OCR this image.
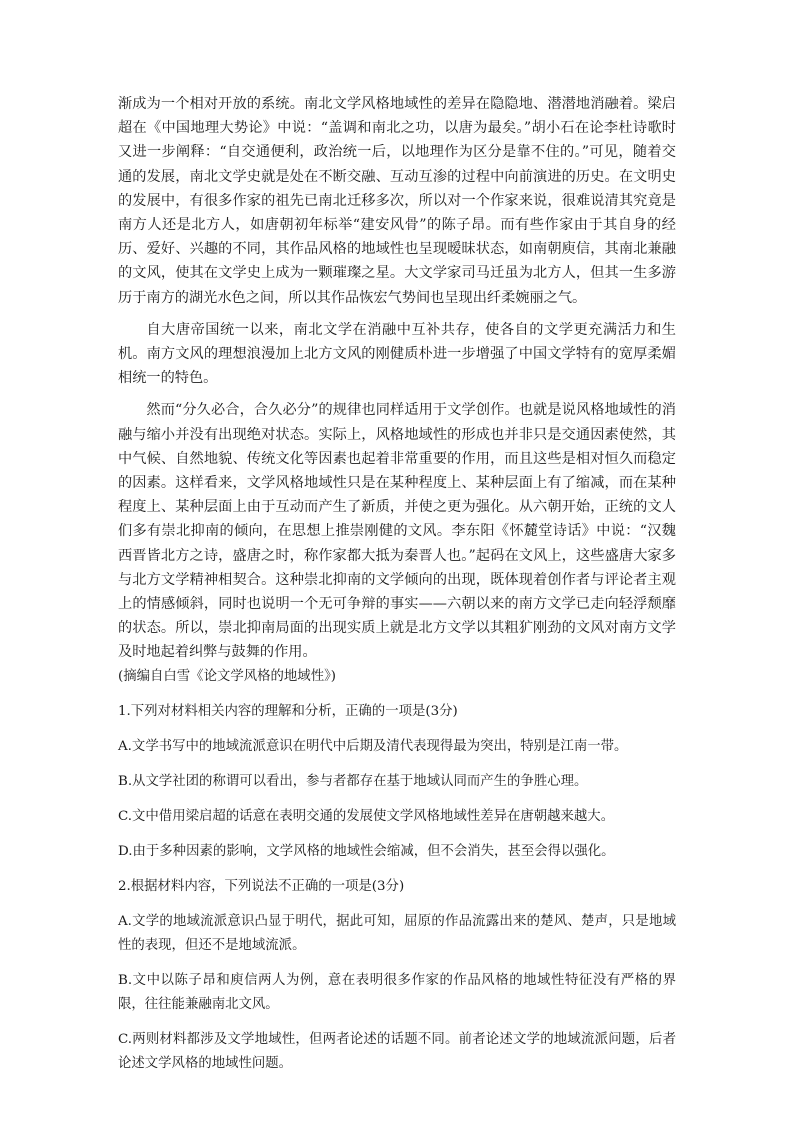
渐成为一个相对开放的系统。南北文学风格地域性的差异在隐隐地、潜潜地消融着。梁启超在《中国地理大势论》中说：“盖调和南北之功，以唐为最矣。”胡小石在论李杜诗歌时又进一步阐释：“自交通便利，政治统一后，以地理作为区分是靠不住的。”可见，随着交通的发展，南北文学史就是处在不断交融、互动互渗的过程中向前演进的历史。在文明史的发展中，有很多作家的祖先已南北迁移多次，所以对一个作家来说，很难说清其究竟是南方人还是北方人，如唐朝初年标举“建安风骨”的陈子昂。而有些作家由于其自身的经历、爱好、兴趣的不同，其作品风格的地域性也呈现暧昧状态，如南朝庾信，其南北兼融的文风，使其在文学史上成为一颗璀璨之星。大文学家司马迁虽为北方人，但其一生多游历于南方的湖光水色之间，所以其作品恢宏气势间也呈现出纤柔婉丽之气。

自大唐帝国统一以来，南北文学在消融中互补共存，使各自的文学更充满活力和生机。南方文风的理想浪漫加上北方文风的刚健质朴进一步增强了中国文学特有的宽厚柔媚相统一的特色。

然而“分久必合，合久必分”的规律也同样适用于文学创作。也就是说风格地域性的消融与缩小并没有出现绝对状态。实际上，风格地域性的形成也并非只是交通因素使然，其中气候、自然地貌、传统文化等因素也起着非常重要的作用，而且这些是相对恒久而稳定的因素。这样看来，文学风格地域性只是在某种程度上、某种层面上有了缩减，而在某种程度上、某种层面上由于互动而产生了新质，并使之更为强化。从六朝开始，正统的文人们多有崇北抑南的倾向，在思想上推崇刚健的文风。李东阳《怀麓堂诗话》中说：“汉魏西晋皆北方之诗，盛唐之时，称作家都大抵为秦晋人也。”起码在文风上，这些盛唐大家多与北方文学精神相契合。这种崇北抑南的文学倾向的出现，既体现着创作者与评论者主观上的情感倾斜，同时也说明一个无可争辩的事实——六朝以来的南方文学已走向轻浮颓靡的状态。所以，崇北抑南局面的出现实质上就是北方文学以其粗犷刚劲的文风对南方文学及时地起着纠弊与鼓舞的作用。

(摘编自白雪《论文学风格的地域性》)

1.下列对材料相关内容的理解和分析，正确的一项是(3分)

A.文学书写中的地域流派意识在明代中后期及清代表现得最为突出，特别是江南一带。

B.从文学社团的称谓可以看出，参与者都存在基于地域认同而产生的争胜心理。

C.文中借用梁启超的话意在表明交通的发展使文学风格地域性差异在唐朝越来越大。

D.由于多种因素的影响，文学风格的地域性会缩减，但不会消失，甚至会得以强化。

2.根据材料内容，下列说法不正确的一项是(3分)

A.文学的地域流派意识凸显于明代，据此可知，屈原的作品流露出来的楚风、楚声，只是地域性的表现，但还不是地域流派。

B.文中以陈子昂和庾信两人为例，意在表明很多作家的作品风格的地域性特征没有严格的界限，往往能兼融南北文风。

C.两则材料都涉及文学地域性，但两者论述的话题不同。前者论述文学的地域流派问题，后者论述文学风格的地域性问题。
